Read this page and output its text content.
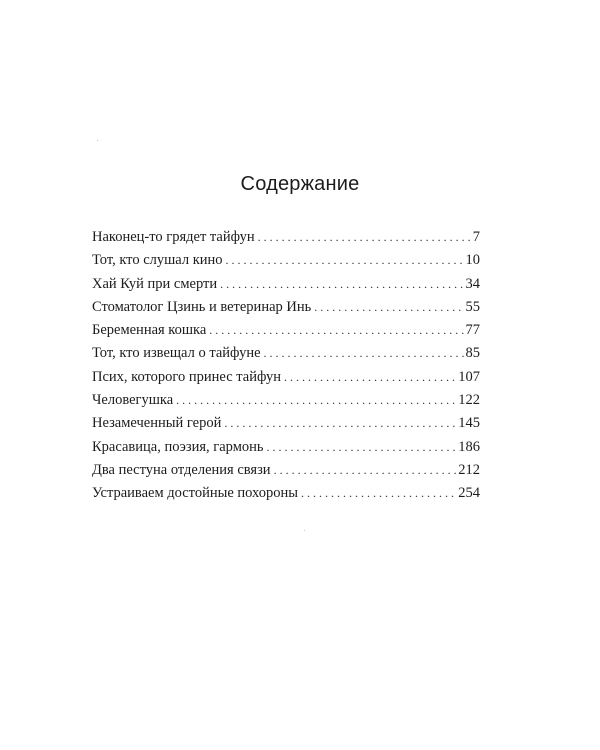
Содержание
Наконец-то грядет тайфун . . .	7
Тот, кто слушал кино . . .	10
Хай Куй при смерти . . .	34
Стоматолог Цзинь и ветеринар Инь . . .	55
Беременная кошка . . .	77
Тот, кто извещал о тайфуне . . .	85
Псих, которого принес тайфун . . .	107
Человегушка . . .	122
Незамеченный герой . . .	145
Красавица, поэзия, гармонь . . .	186
Два пестуна отделения связи . . .	212
Устраиваем достойные похороны . . .	254
